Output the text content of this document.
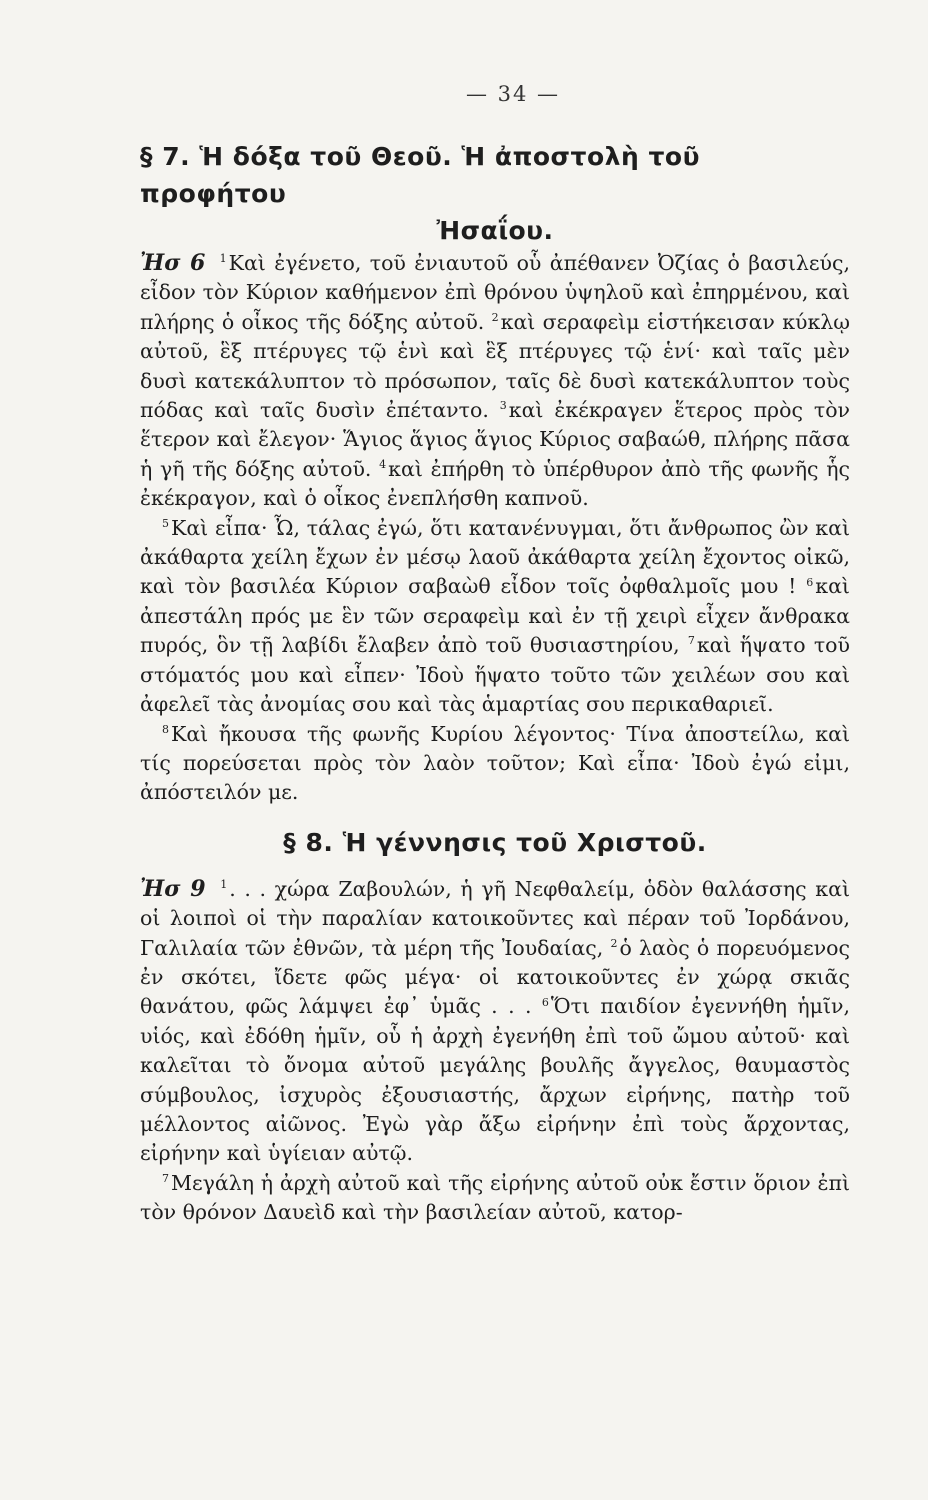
— 34 —
§ 7. Ἡ δόξα τοῦ Θεοῦ. Ἡ ἀποστολὴ τοῦ προφήτου
Ἠσαΐου.

Ἠσ 6 $^1$Καὶ ἐγένετο, τοῦ ἐνιαυτοῦ οὗ ἀπέθανεν Ὀζίας ὁ βασιλεύς, εἶδον τὸν Κύριον καθήμενον ἐπὶ θρόνου ὑψηλοῦ καὶ ἐπηρμένου, καὶ πλήρης ὁ οἶκος τῆς δόξης αὐτοῦ. $^2$καὶ σεραφεὶμ εἱστήκεισαν κύκλῳ αὐτοῦ, ἓξ πτέρυγες τῷ ἑνὶ καὶ ἓξ πτέρυγες τῷ ἑνί· καὶ ταῖς μὲν δυσὶ κατεκάλυπτον τὸ πρόσωπον, ταῖς δὲ δυσὶ κατεκάλυπτον τοὺς πόδας καὶ ταῖς δυσὶν ἐπέταντο. $^3$καὶ ἐκέκραγεν ἕτερος πρὸς τὸν ἕτερον καὶ ἔλεγον· Ἅγιος ἅγιος ἅγιος Κύριος σαβαώθ, πλήρης πᾶσα ἡ γῆ τῆς δόξης αὐτοῦ. $^4$καὶ ἐπήρθη τὸ ὑπέρθυρον ἀπὸ τῆς φωνῆς ἧς ἐκέκραγον, καὶ ὁ οἶκος ἐνεπλήσθη καπνοῦ.

$^5$Καὶ εἶπα· Ὦ, τάλας ἐγώ, ὅτι κατανένυγμαι, ὅτι ἄνθρωπος ὢν καὶ ἀκάθαρτα χείλη ἔχων ἐν μέσῳ λαοῦ ἀκάθαρτα χείλη ἔχοντος οἰκῶ, καὶ τὸν βασιλέα Κύριον σαβαὼθ εἶδον τοῖς ὀφθαλμοῖς μου ! $^6$καὶ ἀπεστάλη πρός με ἓν τῶν σεραφεὶμ καὶ ἐν τῇ χειρὶ εἶχεν ἄνθρακα πυρός, ὃν τῇ λαβίδι ἔλαβεν ἀπὸ τοῦ θυσιαστηρίου, $^7$καὶ ἥψατο τοῦ στόματός μου καὶ εἶπεν· Ἰδοὺ ἥψατο τοῦτο τῶν χειλέων σου καὶ ἀφελεῖ τὰς ἀνομίας σου καὶ τὰς ἁμαρτίας σου περικαθαριεῖ.

$^8$Καὶ ἤκουσα τῆς φωνῆς Κυρίου λέγοντος· Τίνα ἀποστείλω, καὶ τίς πορεύσεται πρὸς τὸν λαὸν τοῦτον; Καὶ εἶπα· Ἰδοὺ ἐγώ εἰμι, ἀπόστειλόν με.

§ 8. Ἡ γέννησις τοῦ Χριστοῦ.

Ἠσ 9 $^1$. . . χώρα Ζαβουλών, ἡ γῆ Νεφθαλείμ, ὁδὸν θαλάσσης καὶ οἱ λοιποὶ οἱ τὴν παραλίαν κατοικοῦντες καὶ πέραν τοῦ Ἰορδάνου, Γαλιλαία τῶν ἐθνῶν, τὰ μέρη τῆς Ἰουδαίας, $^2$ὁ λαὸς ὁ πορευόμενος ἐν σκότει, ἴδετε φῶς μέγα· οἱ κατοικοῦντες ἐν χώρᾳ σκιᾶς θανάτου, φῶς λάμψει ἐφ᾽ ὑμᾶς . . . $^6$Ὅτι παιδίον ἐγεννήθη ἡμῖν, υἱός, καὶ ἐδόθη ἡμῖν, οὗ ἡ ἀρχὴ ἐγενήθη ἐπὶ τοῦ ὤμου αὐτοῦ· καὶ καλεῖται τὸ ὄνομα αὐτοῦ μεγάλης βουλῆς ἄγγελος, θαυμαστὸς σύμβουλος, ἰσχυρὸς ἐξουσιαστής, ἄρχων εἰρήνης, πατὴρ τοῦ μέλλοντος αἰῶνος. Ἐγὼ γὰρ ἄξω εἰρήνην ἐπὶ τοὺς ἄρχοντας, εἰρήνην καὶ ὑγίειαν αὐτῷ.

$^7$Μεγάλη ἡ ἀρχὴ αὐτοῦ καὶ τῆς εἰρήνης αὐτοῦ οὐκ ἔστιν ὅριον ἐπὶ τὸν θρόνον Δαυεὶδ καὶ τὴν βασιλείαν αὐτοῦ, κατορ-
